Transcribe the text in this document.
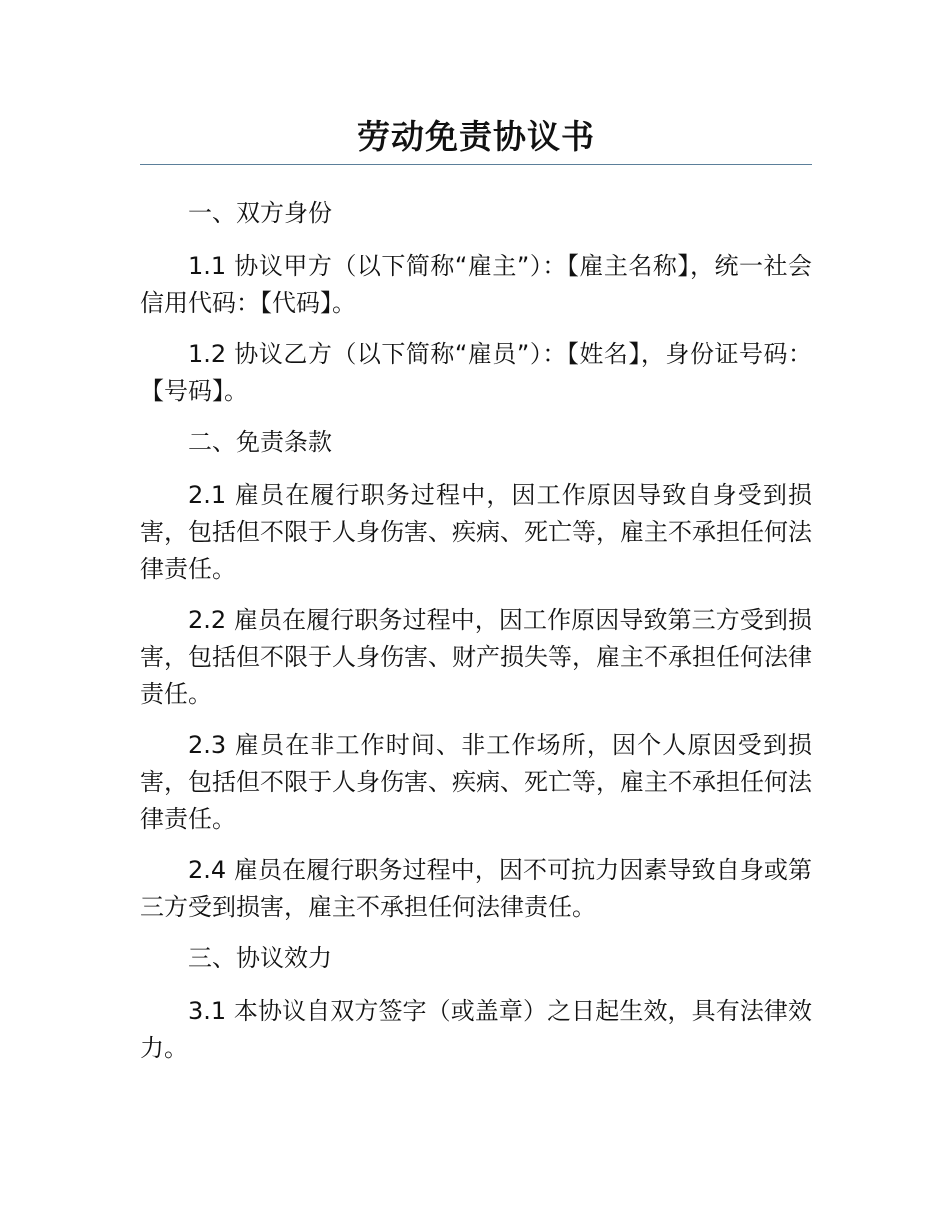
劳动免责协议书

一、双方身份

1.1 协议甲方（以下简称“雇主”）：【雇主名称】，统一社会信用代码：【代码】。

1.2 协议乙方（以下简称“雇员”）：【姓名】，身份证号码：【号码】。

二、免责条款

2.1 雇员在履行职务过程中，因工作原因导致自身受到损害，包括但不限于人身伤害、疾病、死亡等，雇主不承担任何法律责任。

2.2 雇员在履行职务过程中，因工作原因导致第三方受到损害，包括但不限于人身伤害、财产损失等，雇主不承担任何法律责任。

2.3 雇员在非工作时间、非工作场所，因个人原因受到损害，包括但不限于人身伤害、疾病、死亡等，雇主不承担任何法律责任。

2.4 雇员在履行职务过程中，因不可抗力因素导致自身或第三方受到损害，雇主不承担任何法律责任。

三、协议效力

3.1 本协议自双方签字（或盖章）之日起生效，具有法律效力。
